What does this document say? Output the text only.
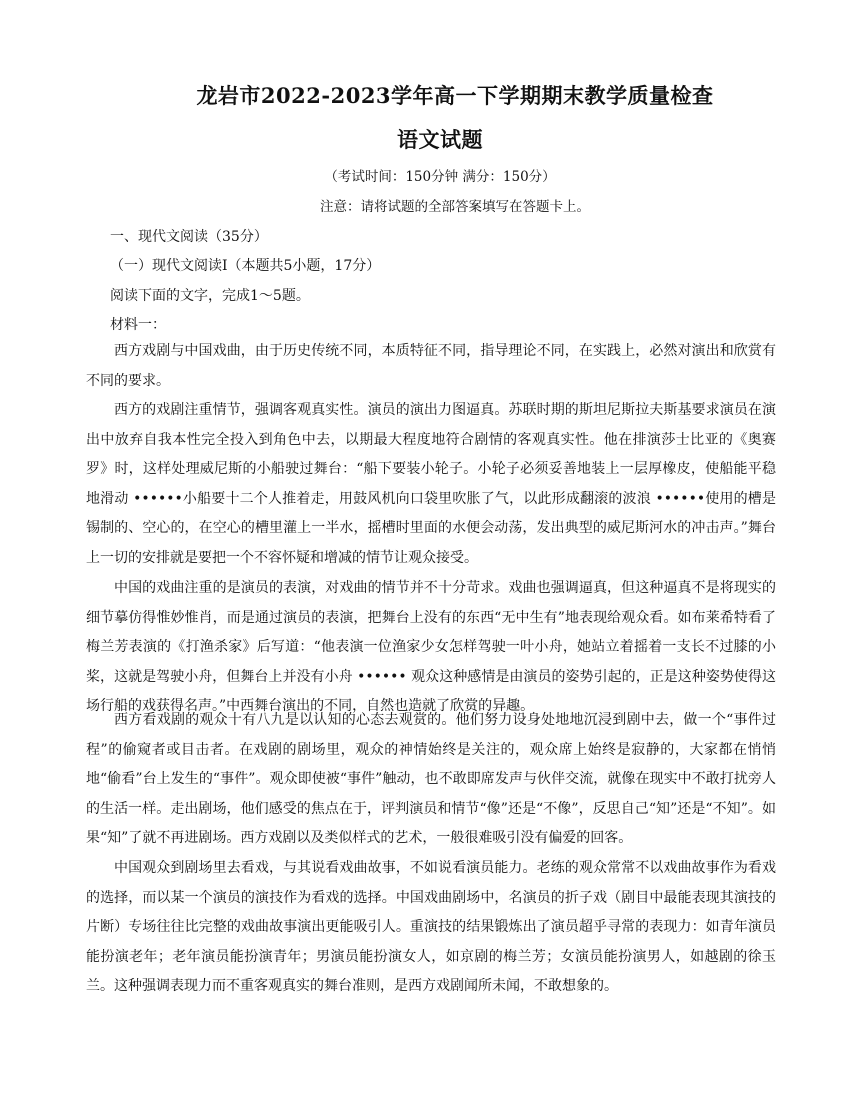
龙岩市2022-2023学年高一下学期期末教学质量检查
语文试题
（考试时间：150分钟 满分：150分）
注意：请将试题的全部答案填写在答题卡上。
一、现代文阅读（35分）
（一）现代文阅读I（本题共5小题，17分）
阅读下面的文字，完成1～5题。
材料一：

西方戏剧与中国戏曲，由于历史传统不同，本质特征不同，指导理论不同，在实践上，必然对演出和欣赏有不同的要求。

西方的戏剧注重情节，强调客观真实性。演员的演出力图逼真。苏联时期的斯坦尼斯拉夫斯基要求演员在演出中放弃自我本性完全投入到角色中去，以期最大程度地符合剧情的客观真实性。他在排演莎士比亚的《奥赛罗》时，这样处理威尼斯的小船驶过舞台：“船下要装小轮子。小轮子必须妥善地装上一层厚橡皮，使船能平稳地滑动 ••••••小船要十二个人推着走，用鼓风机向口袋里吹胀了气，以此形成翻滚的波浪 ••••••使用的槽是锡制的、空心的，在空心的槽里灌上一半水，摇槽时里面的水便会动荡，发出典型的威尼斯河水的冲击声。”舞台上一切的安排就是要把一个不容怀疑和增减的情节让观众接受。

中国的戏曲注重的是演员的表演，对戏曲的情节并不十分苛求。戏曲也强调逼真，但这种逼真不是将现实的细节摹仿得惟妙惟肖，而是通过演员的表演，把舞台上没有的东西“无中生有”地表现给观众看。如布莱希特看了梅兰芳表演的《打渔杀家》后写道：“他表演一位渔家少女怎样驾驶一叶小舟，她站立着摇着一支长不过膝的小桨，这就是驾驶小舟，但舞台上并没有小舟 •••••• 观众这种感情是由演员的姿势引起的，正是这种姿势使得这场行船的戏获得名声。”中西舞台演出的不同，自然也造就了欣赏的异趣。

西方看戏剧的观众十有八九是以认知的心态去观赏的。他们努力设身处地地沉浸到剧中去，做一个“事件过程”的偷窥者或目击者。在戏剧的剧场里，观众的神情始终是关注的，观众席上始终是寂静的，大家都在悄悄地“偷看”台上发生的“事件”。观众即使被“事件”触动，也不敢即席发声与伙伴交流，就像在现实中不敢打扰旁人的生活一样。走出剧场，他们感受的焦点在于，评判演员和情节“像”还是“不像”，反思自己“知”还是“不知”。如果“知”了就不再进剧场。西方戏剧以及类似样式的艺术，一般很难吸引没有偏爱的回客。

中国观众到剧场里去看戏，与其说看戏曲故事，不如说看演员能力。老练的观众常常不以戏曲故事作为看戏的选择，而以某一个演员的演技作为看戏的选择。中国戏曲剧场中，名演员的折子戏（剧目中最能表现其演技的片断）专场往往比完整的戏曲故事演出更能吸引人。重演技的结果锻炼出了演员超乎寻常的表现力：如青年演员能扮演老年；老年演员能扮演青年；男演员能扮演女人，如京剧的梅兰芳；女演员能扮演男人，如越剧的徐玉兰。这种强调表现力而不重客观真实的舞台准则，是西方戏剧闻所未闻，不敢想象的。
